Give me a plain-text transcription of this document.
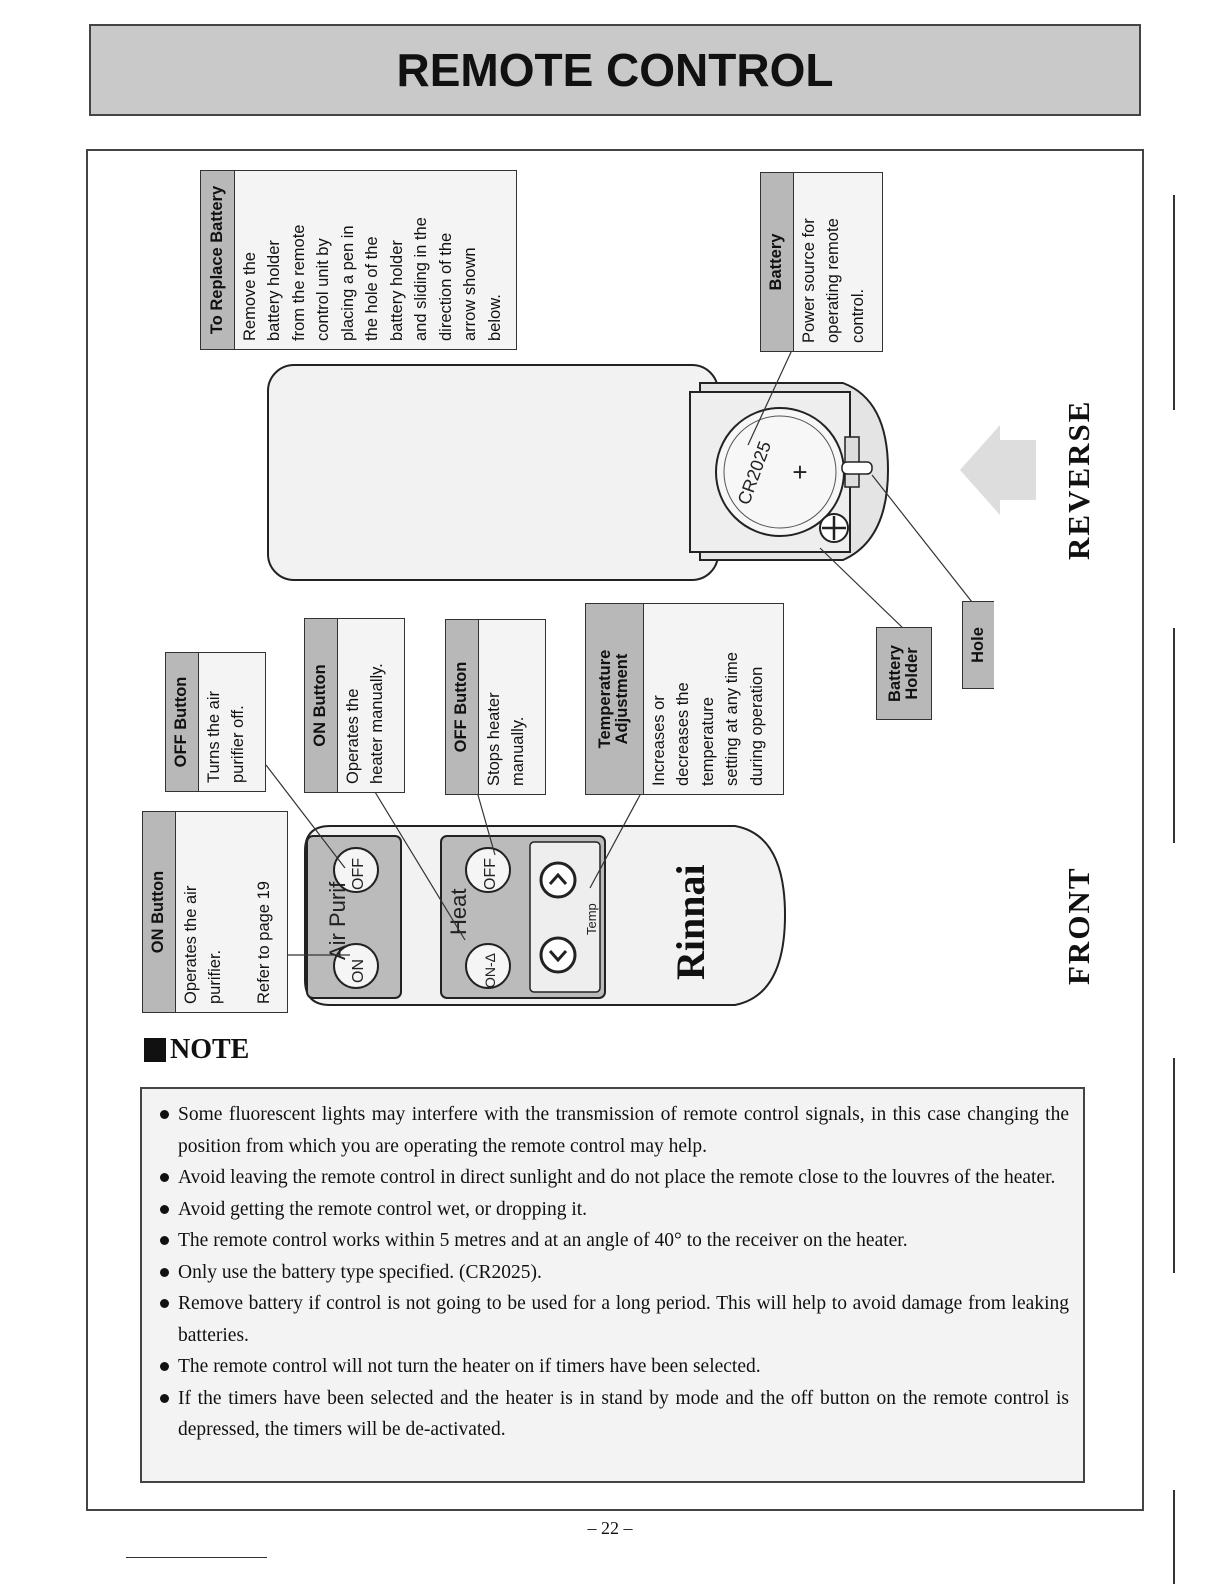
REMOTE CONTROL
CR2025 +
Air Purif	Heat	Temp
ON
OFF
ON-Δ
OFF	Rinnai
To Replace Battery Remove the battery holder from the remote control unit by placing a pen in the hole of the battery holder and sliding in the direction of the arrow shown below.
Battery Power source for operating remote control.
OFF Button Turns the air purifier off.	ON Button Operates the heater manually.	OFF Button Stops heater manually.
Temperature Adjustment Increases or decreases the temperature setting at any time during operation
ON Button Operates the air purifier. Refer to page 19
Battery Holder
Hole
REVERSE
FRONT
NOTE
Some fluorescent lights may interfere with the transmission of remote control signals, in this case changing the position from which you are operating the remote control may help.
Avoid leaving the remote control in direct sunlight and do not place the remote close to the louvres of the heater.
Avoid getting the remote control wet, or dropping it.
The remote control works within 5 metres and at an angle of 40° to the receiver on the heater.
Only use the battery type specified. (CR2025).
Remove battery if control is not going to be used for a long period. This will help to avoid damage from leaking batteries.
The remote control will not turn the heater on if timers have been selected.
If the timers have been selected and the heater is in stand by mode and the off button on the remote control is depressed, the timers will be de-activated.
– 22 –
